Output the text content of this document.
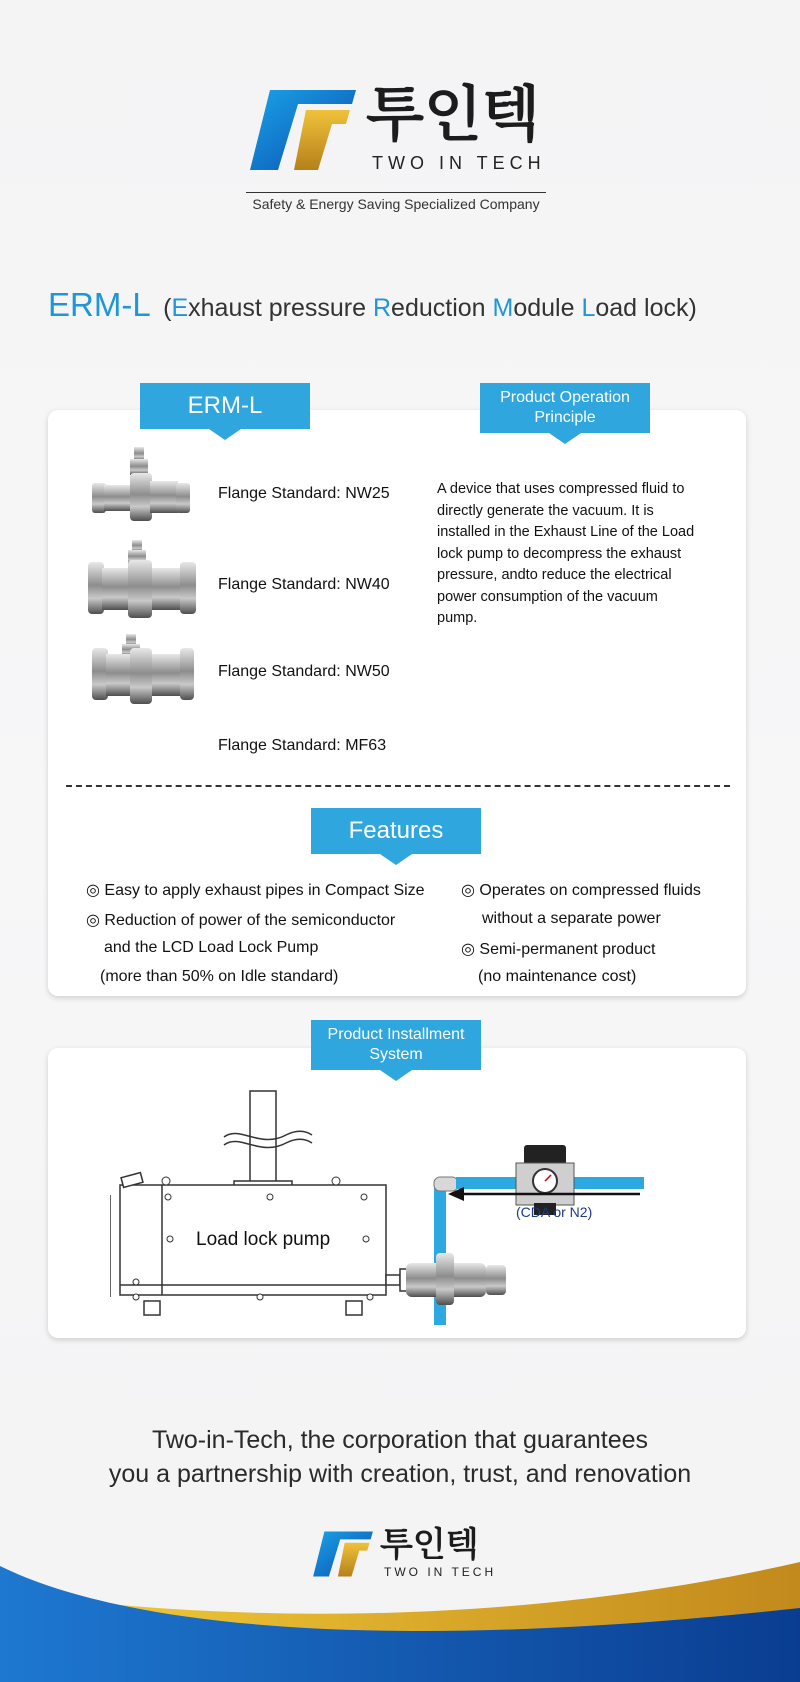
투인텍
TWO IN TECH
Safety & Energy Saving Specialized Company
ERM-L (Exhaust pressure Reduction Module Load lock)
ERM-L	Product Operation
Principle
Flange Standard: NW25
Flange Standard: NW40
Flange Standard: NW50
Flange Standard: MF63
A device that uses compressed fluid to directly generate the vacuum. It is installed in the Exhaust Line of the Load lock pump to decompress the exhaust pressure, andto reduce the electrical power consumption of the vacuum pump.
Features
◎ Easy to apply exhaust pipes in Compact Size
◎ Reduction of power of the semiconductor
and the LCD Load Lock Pump
(more than 50% on Idle standard)
◎ Operates on compressed fluids
without a separate power
◎ Semi-permanent product
(no maintenance cost)
Product Installment
System
Load lock pump
(CDA or N2)
Two-in-Tech, the corporation that guarantees
you a partnership with creation, trust, and renovation
투인텍
TWO IN TECH
